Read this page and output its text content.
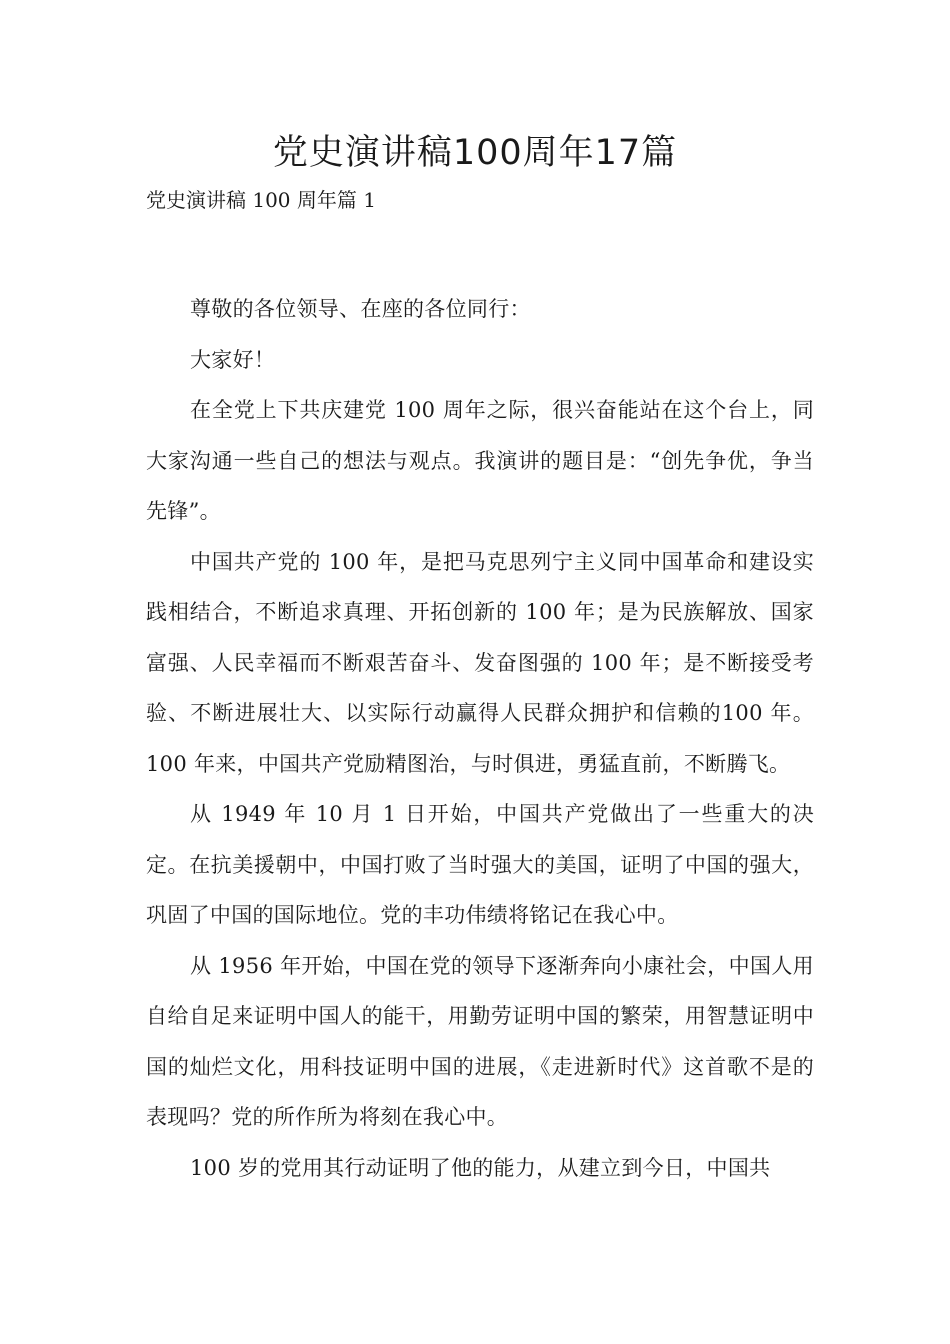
党史演讲稿100周年17篇
党史演讲稿 100 周年篇 1

尊敬的各位领导、在座的各位同行：

大家好！

在全党上下共庆建党 100 周年之际，很兴奋能站在这个台上，同大家沟通一些自己的想法与观点。我演讲的题目是：“创先争优，争当先锋”。

中国共产党的 100 年，是把马克思列宁主义同中国革命和建设实践相结合，不断追求真理、开拓创新的 100 年；是为民族解放、国家富强、人民幸福而不断艰苦奋斗、发奋图强的 100 年；是不断接受考验、不断进展壮大、以实际行动赢得人民群众拥护和信赖的100 年。100 年来，中国共产党励精图治，与时俱进，勇猛直前，不断腾飞。

从 1949 年 10 月 1 日开始，中国共产党做出了一些重大的决定。在抗美援朝中，中国打败了当时强大的美国，证明了中国的强大，巩固了中国的国际地位。党的丰功伟绩将铭记在我心中。

从 1956 年开始，中国在党的领导下逐渐奔向小康社会，中国人用自给自足来证明中国人的能干，用勤劳证明中国的繁荣，用智慧证明中国的灿烂文化，用科技证明中国的进展，《走进新时代》这首歌不是的表现吗？党的所作所为将刻在我心中。

100 岁的党用其行动证明了他的能力，从建立到今日，中国共
